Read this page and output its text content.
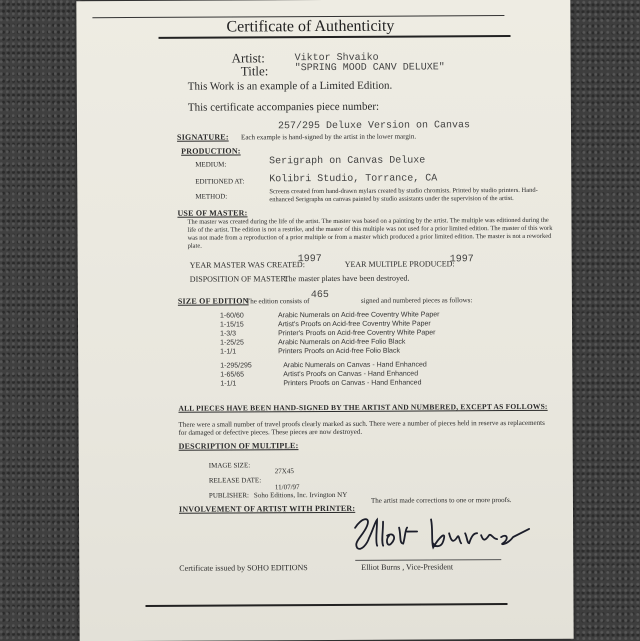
Certificate of Authenticity
Artist:	Viktor Shvaiko
Title:	"SPRING MOOD CANV DELUXE"
This Work is an example of a Limited Edition.
This certificate accompanies piece number:
257/295 Deluxe Version on Canvas
SIGNATURE: Each example is hand-signed by the artist in the lower margin.
PRODUCTION:
MEDIUM:	Serigraph on Canvas Deluxe
EDITIONED AT: Kolibri Studio, Torrance, CA
METHOD:
Screens created from hand-drawn mylars created by studio chromists. Printed by studio printers. Hand-enhanced Serigraphs on canvas painted by studio assistants under the supervision of the artist.
USE OF MASTER:
The master was created during the life of the artist. The master was based on a painting by the artist. The multiple was editioned during the life of the artist. The edition is not a restrike, and the master of this multiple was not used for a prior limited edition. The master of this work was not made from a reproduction of a prior multiple or from a master which produced a prior limited edition. The master is not a reworked plate.
YEAR MASTER WAS CREATED:
1997	YEAR MULTIPLE PRODUCED:
1997
DISPOSITION OF MASTER:
The master plates have been destroyed.
SIZE OF EDITION
The edition consists of
465	signed and numbered pieces as follows:
1-60/60	Arabic Numerals on Acid-free Coventry White Paper
1-15/15	Artist's Proofs on Acid-free Coventry White Paper
1-3/3	Printer's Proofs on Acid-free Coventry White Paper
1-25/25	Arabic Numerals on Acid-free Folio Black
1-1/1	Printers Proofs on Acid-free Folio Black
1-295/295	Arabic Numerals on Canvas - Hand Enhanced
1-65/65	Artist's Proofs on Canvas - Hand Enhanced
1-1/1	Printers Proofs on Canvas - Hand Enhanced
ALL PIECES HAVE BEEN HAND-SIGNED BY THE ARTIST AND NUMBERED, EXCEPT AS FOLLOWS:
There were a small number of travel proofs clearly marked as such. There were a number of pieces held in reserve as replacements for damaged or defective pieces. These pieces are now destroyed.
DESCRIPTION OF MULTIPLE:
IMAGE SIZE:
27X45
RELEASE DATE:
11/07/97
PUBLISHER: Soho Editions, Inc. Irvington NY
INVOLVEMENT OF ARTIST WITH PRINTER:
The artist made corrections to one or more proofs.
Certificate issued by SOHO EDITIONS	Elliot Burns , Vice-President
